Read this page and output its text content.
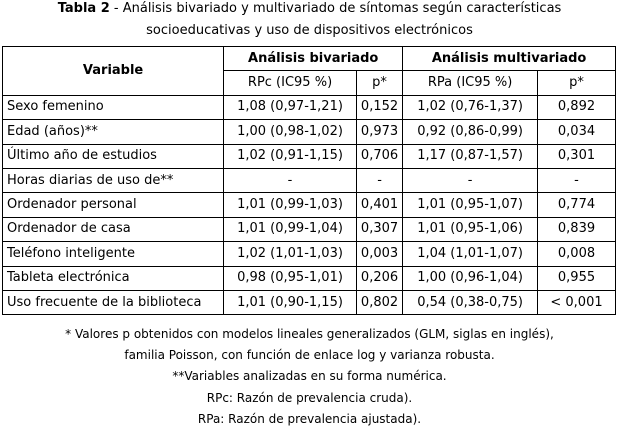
Tabla 2 - Análisis bivariado y multivariado de síntomas según características
socioeducativas y uso de dispositivos electrónicos
Variable	Análisis bivariado		Análisis multivariado	
	RPc (IC95 %)	p*	RPa (IC95 %)	p*
Sexo femenino	1,08 (0,97-1,21)	0,152	1,02 (0,76-1,37)	0,892
Edad (años)**	1,00 (0,98-1,02)	0,973	0,92 (0,86-0,99)	0,034
Último año de estudios	1,02 (0,91-1,15)	0,706	1,17 (0,87-1,57)	0,301
Horas diarias de uso de**	-	-	-	-
Ordenador personal	1,01 (0,99-1,03)	0,401	1,01 (0,95-1,07)	0,774
Ordenador de casa	1,01 (0,99-1,04)	0,307	1,01 (0,95-1,06)	0,839
Teléfono inteligente	1,02 (1,01-1,03)	0,003	1,04 (1,01-1,07)	0,008
Tableta electrónica	0,98 (0,95-1,01)	0,206	1,00 (0,96-1,04)	0,955
Uso frecuente de la biblioteca	1,01 (0,90-1,15)	0,802	0,54 (0,38-0,75)	< 0,001
* Valores p obtenidos con modelos lineales generalizados (GLM, siglas en inglés),
familia Poisson, con función de enlace log y varianza robusta.
**Variables analizadas en su forma numérica.
RPc: Razón de prevalencia cruda).
RPa: Razón de prevalencia ajustada).
